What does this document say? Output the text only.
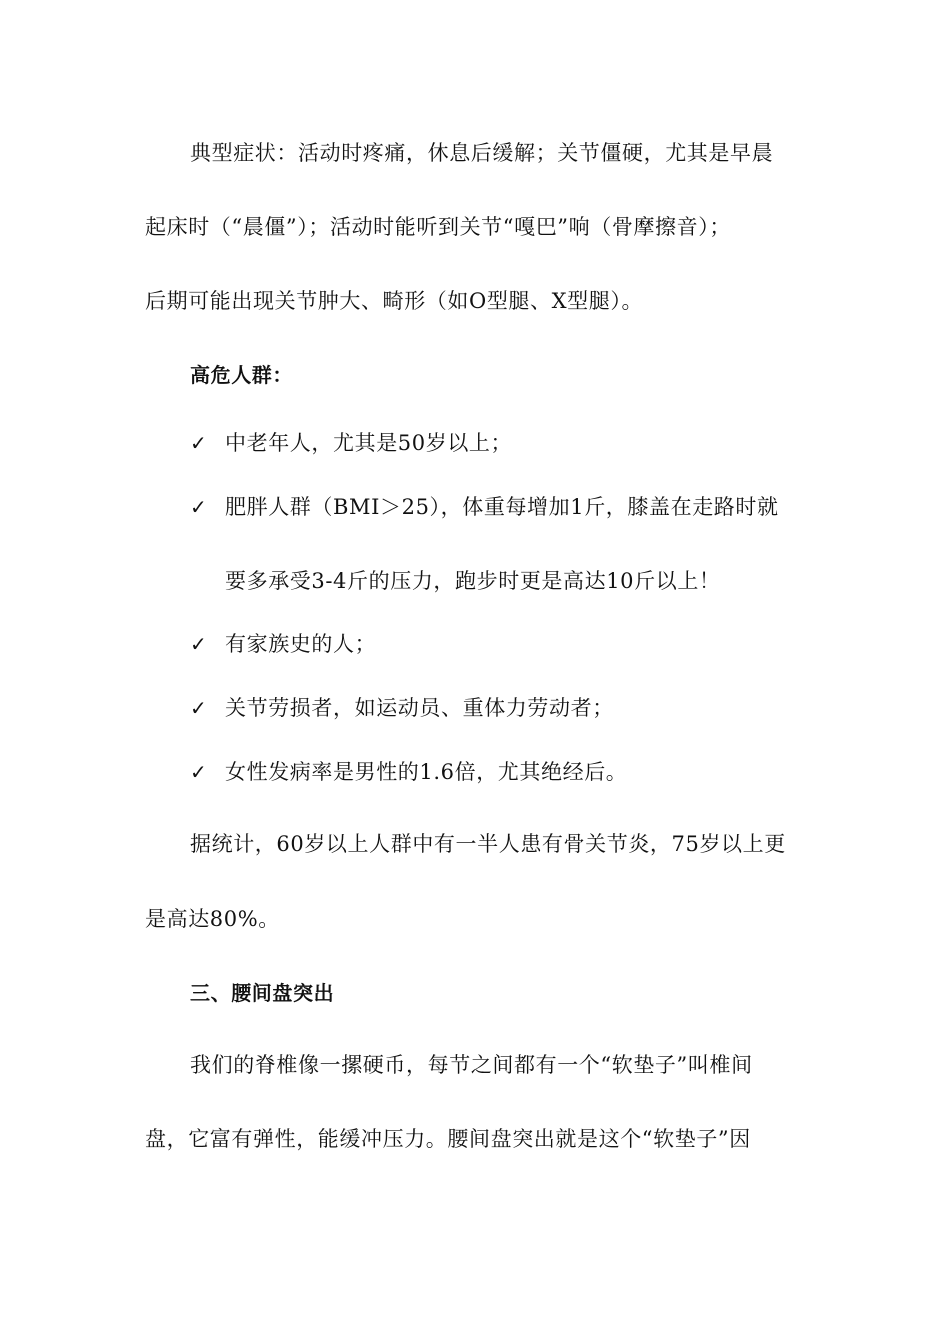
典型症状：活动时疼痛，休息后缓解；关节僵硬，尤其是早晨
起床时（“晨僵”）；活动时能听到关节“嘎巴”响（骨摩擦音）；
后期可能出现关节肿大、畸形（如O型腿、X型腿）。
高危人群：
✓ 中老年人，尤其是50岁以上；
✓ 肥胖人群（BMI＞25），体重每增加1斤，膝盖在走路时就
要多承受3-4斤的压力，跑步时更是高达10斤以上！
✓ 有家族史的人；
✓ 关节劳损者，如运动员、重体力劳动者；
✓ 女性发病率是男性的1.6倍，尤其绝经后。
据统计，60岁以上人群中有一半人患有骨关节炎，75岁以上更
是高达80%。
三、腰间盘突出
我们的脊椎像一摞硬币，每节之间都有一个“软垫子”叫椎间
盘，它富有弹性，能缓冲压力。腰间盘突出就是这个“软垫子”因
